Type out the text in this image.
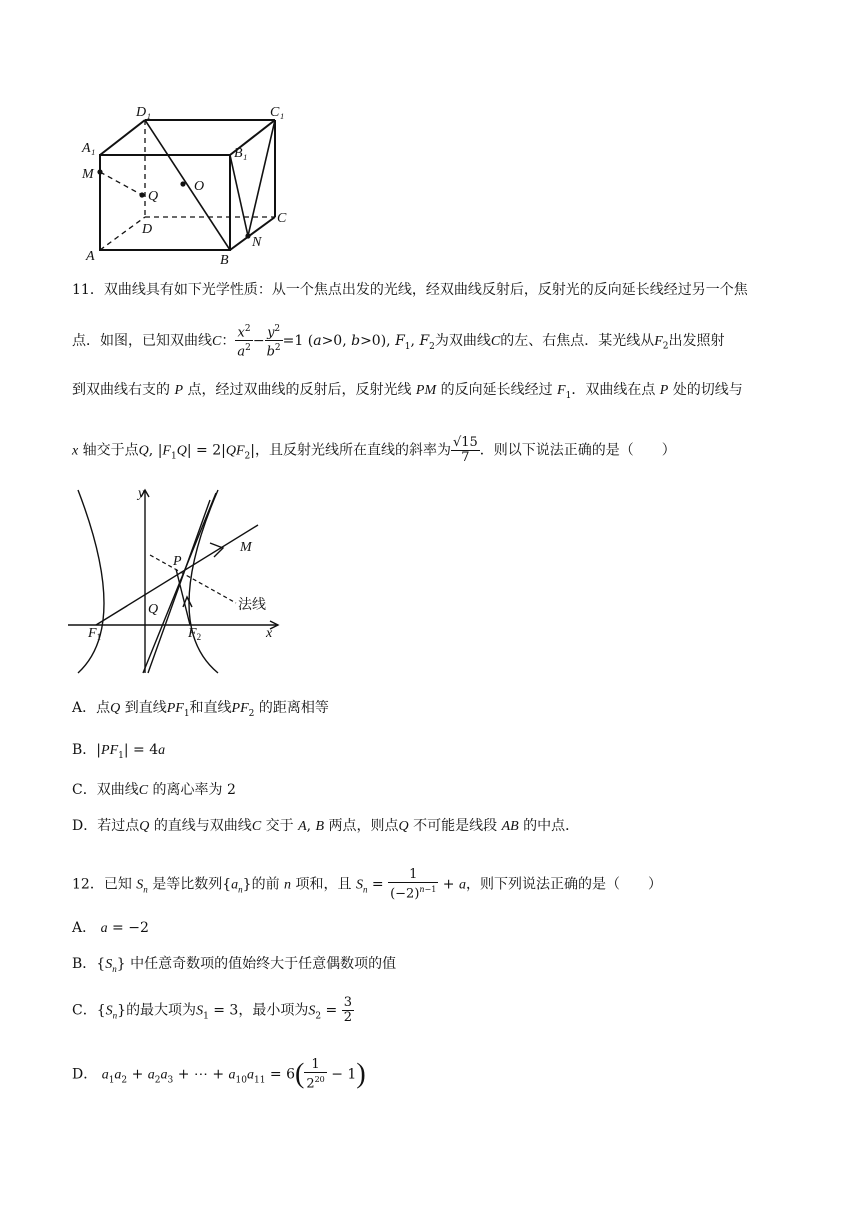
D₁	C₁
A₁	B₁
M
Q
O
D
C
A	B
N
11．双曲线具有如下光学性质：从一个焦点出发的光线，经双曲线反射后，反射光的反向延长线经过另一个焦
点．如图，已知双曲线C： $\frac{x^2}{a^2} - \frac{y^2}{b^2} =1$ (a>0, b>0), $F_1$, $F_2$为双曲线C的左、右焦点．某光线从$F_2$出发照射
到双曲线右支的 P 点，经过双曲线的反射后，反射光线 PM 的反向延长线经过 $F_1$．双曲线在点 P 处的切线与
x 轴交于点Q, $|F_1Q| = 2|QF_2|$，且反射光线所在直线的斜率为 $\frac{√15}{7}$ ．则以下说法正确的是（　　）
y
x
P
M
Q
$F_1$	$F_2$
法线
A．点Q 到直线$PF_1$和直线$PF_2$ 的距离相等
B．$|PF_1| = 4a$
C．双曲线C 的离心率为 2
D．若过点Q 的直线与双曲线C 交于 A, B 两点，则点Q 不可能是线段 AB 的中点．
12．已知 $S_n$ 是等比数列$\{a_n\}$的前 n 项和，且 $S_n = \frac{1}{(-2)^{n-1}} + a$，则下列说法正确的是（　　）
A． a = −2
B．$\{S_n\}$ 中任意奇数项的值始终大于任意偶数项的值
C．$\{S_n\}$的最大项为$S_1 = 3$，最小项为$S_2 = \frac{3}{2}$
D． $a_1a_2 + a_2a_3$ + ⋯ + $a_{10}a_{11} = 6( \frac{1}{2^{20}} - 1)$
